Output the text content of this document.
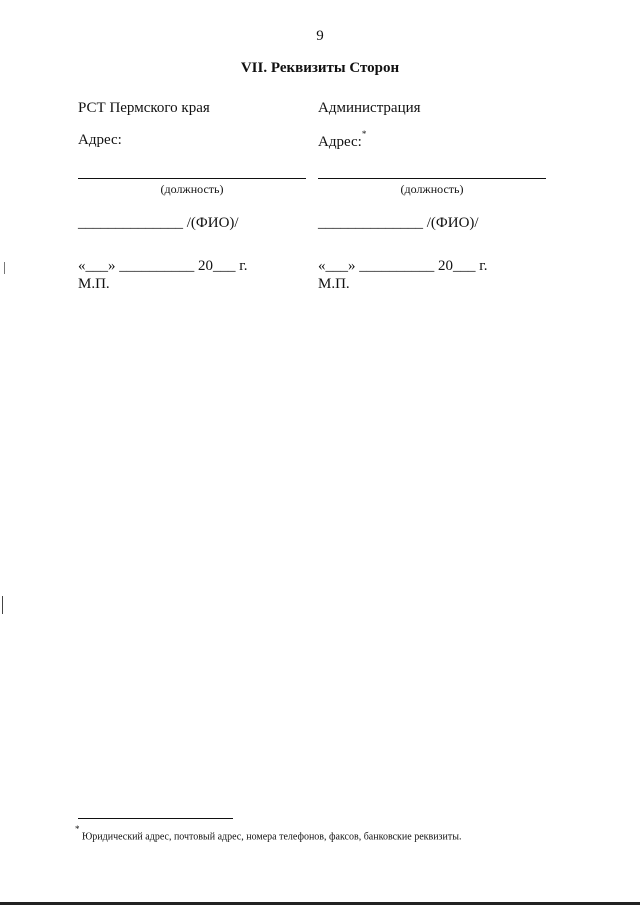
9
VII. Реквизиты Сторон
РСТ Пермского края
Адрес:
(должность)
______________ /(ФИО)/
«___» __________ 20___ г.
М.П.
Администрация
Адрес:*
(должность)
______________ /(ФИО)/
«___» __________ 20___ г.
М.П.
* Юридический адрес, почтовый адрес, номера телефонов, факсов, банковские реквизиты.
